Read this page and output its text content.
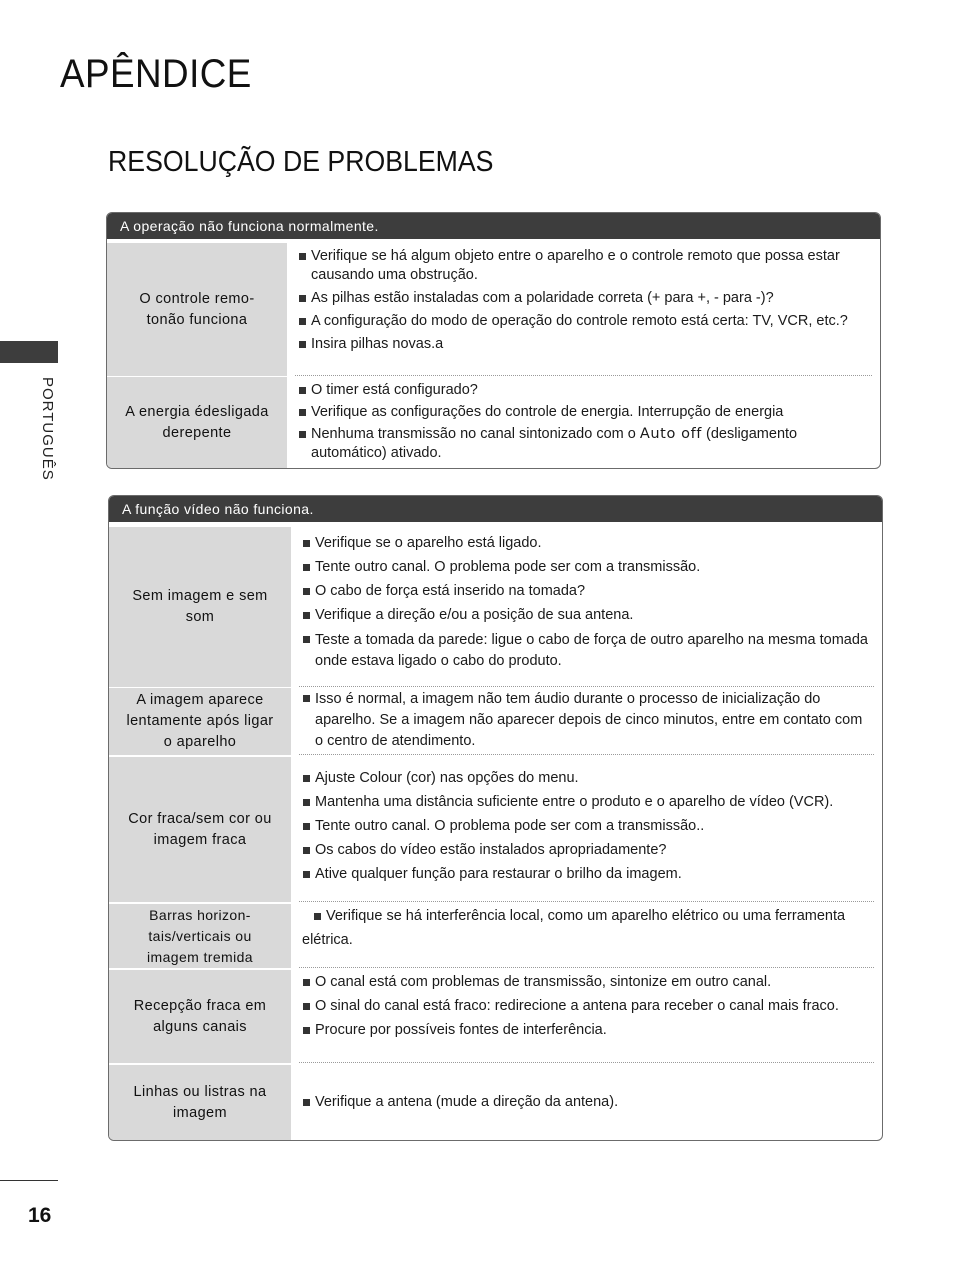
APÊNDICE
RESOLUÇÃO DE PROBLEMAS
PORTUGUÊS
16
A operação não funciona normalmente.
O controle remo-
tonão funciona
Verifique se há algum objeto entre o aparelho e o controle remoto que possa estar causando uma obstrução.
As pilhas estão instaladas com a polaridade correta (+ para +, - para -)?
A configuração do modo de operação do controle remoto está certa: TV, VCR, etc.?
Insira pilhas novas.a
A energia édesligada
derepente
O timer está configurado?
Verifique as configurações do controle de energia. Interrupção de energia
Nenhuma transmissão no canal sintonizado com o Auto off (desligamento automático) ativado.
A função vídeo não funciona.
Sem imagem e sem
som
Verifique se o aparelho está ligado.
Tente outro canal. O problema pode ser com a transmissão.
O cabo de força está inserido na tomada?
Verifique a direção e/ou a posição de sua antena.
Teste a tomada da parede: ligue o cabo de força de outro aparelho na mesma tomada onde estava ligado o cabo do produto.
A imagem aparece
lentamente após ligar
o aparelho
Isso é normal, a imagem não tem áudio durante o processo de inicialização do aparelho. Se a imagem não aparecer depois de cinco minutos, entre em contato com o centro de atendimento.
Cor fraca/sem cor ou
imagem fraca
Ajuste Colour (cor) nas opções do menu.
Mantenha uma distância suficiente entre o produto e o aparelho de vídeo (VCR).
Tente outro canal. O problema pode ser com a transmissão..
Os cabos do vídeo estão instalados apropriadamente?
Ative qualquer função para restaurar o brilho da imagem.
Barras horizon-
tais/verticais ou
imagem tremida
Verifique se há interferência local, como um aparelho elétrico ou uma ferramenta
elétrica.
Recepção fraca em
alguns canais
O canal está com problemas de transmissão, sintonize em outro canal.
O sinal do canal está fraco: redirecione a antena para receber o canal mais fraco.
Procure por possíveis fontes de interferência.
Linhas ou listras na
imagem
Verifique a antena (mude a direção da antena).
